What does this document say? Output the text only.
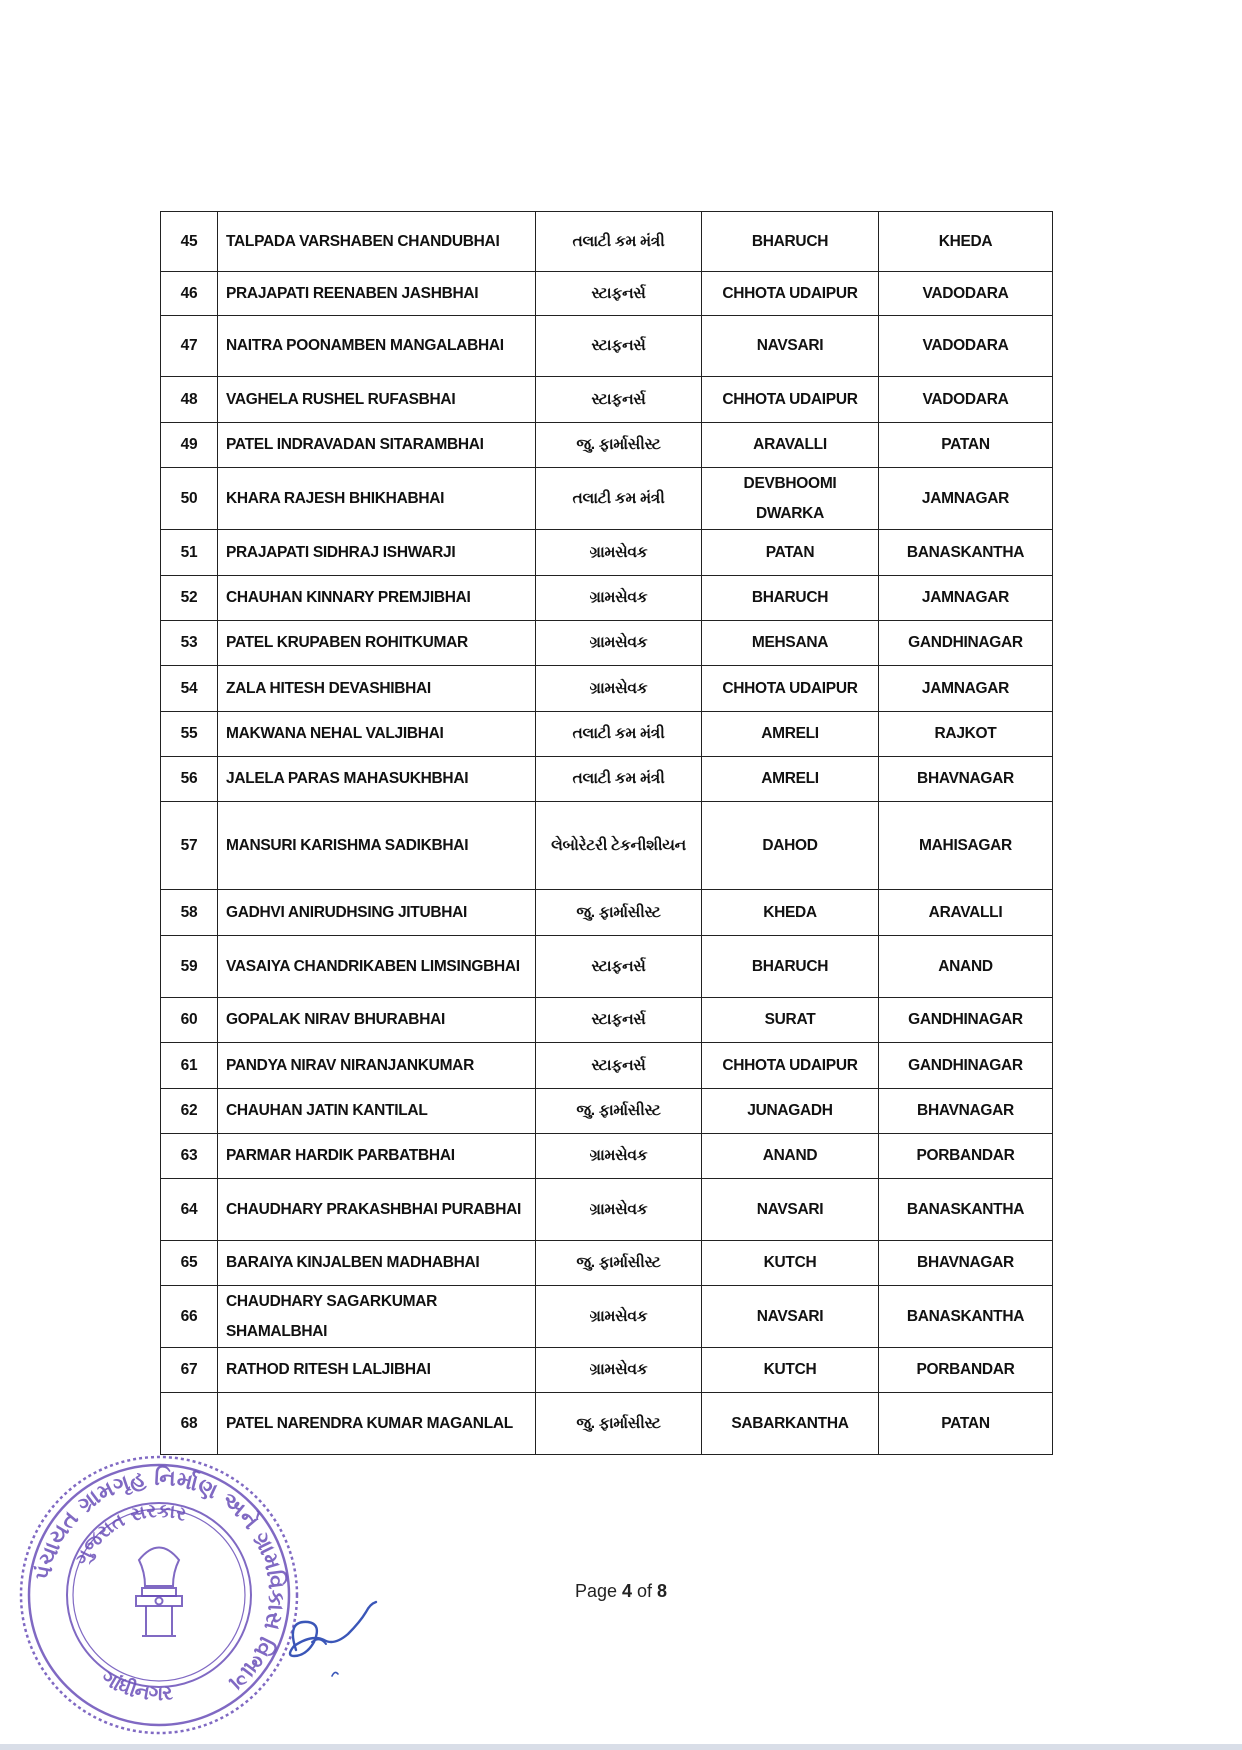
45	TALPADA VARSHABEN CHANDUBHAI	તલાટી કમ મંત્રી	BHARUCH	KHEDA
46	PRAJAPATI REENABEN JASHBHAI	સ્ટાફનર્સ	CHHOTA UDAIPUR	VADODARA
47	NAITRA POONAMBEN MANGALABHAI	સ્ટાફનર્સ	NAVSARI	VADODARA
48	VAGHELA RUSHEL RUFASBHAI	સ્ટાફનર્સ	CHHOTA UDAIPUR	VADODARA
49	PATEL INDRAVADAN SITARAMBHAI	જુ. ફાર્માસીસ્ટ	ARAVALLI	PATAN
50	KHARA RAJESH BHIKHABHAI	તલાટી કમ મંત્રી	DEVBHOOMI DWARKA	JAMNAGAR
51	PRAJAPATI SIDHRAJ ISHWARJI	ગ્રામસેવક	PATAN	BANASKANTHA
52	CHAUHAN KINNARY PREMJIBHAI	ગ્રામસેવક	BHARUCH	JAMNAGAR
53	PATEL KRUPABEN ROHITKUMAR	ગ્રામસેવક	MEHSANA	GANDHINAGAR
54	ZALA HITESH DEVASHIBHAI	ગ્રામસેવક	CHHOTA UDAIPUR	JAMNAGAR
55	MAKWANA NEHAL VALJIBHAI	તલાટી કમ મંત્રી	AMRELI	RAJKOT
56	JALELA PARAS MAHASUKHBHAI	તલાટી કમ મંત્રી	AMRELI	BHAVNAGAR
57	MANSURI KARISHMA SADIKBHAI	લેબોરેટરી ટેકનીશીયન	DAHOD	MAHISAGAR
58	GADHVI ANIRUDHSING JITUBHAI	જુ. ફાર્માસીસ્ટ	KHEDA	ARAVALLI
59	VASAIYA CHANDRIKABEN LIMSINGBHAI	સ્ટાફનર્સ	BHARUCH	ANAND
60	GOPALAK NIRAV BHURABHAI	સ્ટાફનર્સ	SURAT	GANDHINAGAR
61	PANDYA NIRAV NIRANJANKUMAR	સ્ટાફનર્સ	CHHOTA UDAIPUR	GANDHINAGAR
62	CHAUHAN JATIN KANTILAL	જુ. ફાર્માસીસ્ટ	JUNAGADH	BHAVNAGAR
63	PARMAR HARDIK PARBATBHAI	ગ્રામસેવક	ANAND	PORBANDAR
64	CHAUDHARY PRAKASHBHAI PURABHAI	ગ્રામસેવક	NAVSARI	BANASKANTHA
65	BARAIYA KINJALBEN MADHABHAI	જુ. ફાર્માસીસ્ટ	KUTCH	BHAVNAGAR
66	CHAUDHARY SAGARKUMAR SHAMALBHAI	ગ્રામસેવક	NAVSARI	BANASKANTHA
67	RATHOD RITESH LALJIBHAI	ગ્રામસેવક	KUTCH	PORBANDAR
68	PATEL NARENDRA KUMAR MAGANLAL	જુ. ફાર્માસીસ્ટ	SABARKANTHA	PATAN
Page 4 of 8
પંચાયત ગ્રામગૃહ નિર્માણ અને ગ્રામવિકાસ વિભાગ
ગુજરાત સરકાર
ગાંધીનગર
